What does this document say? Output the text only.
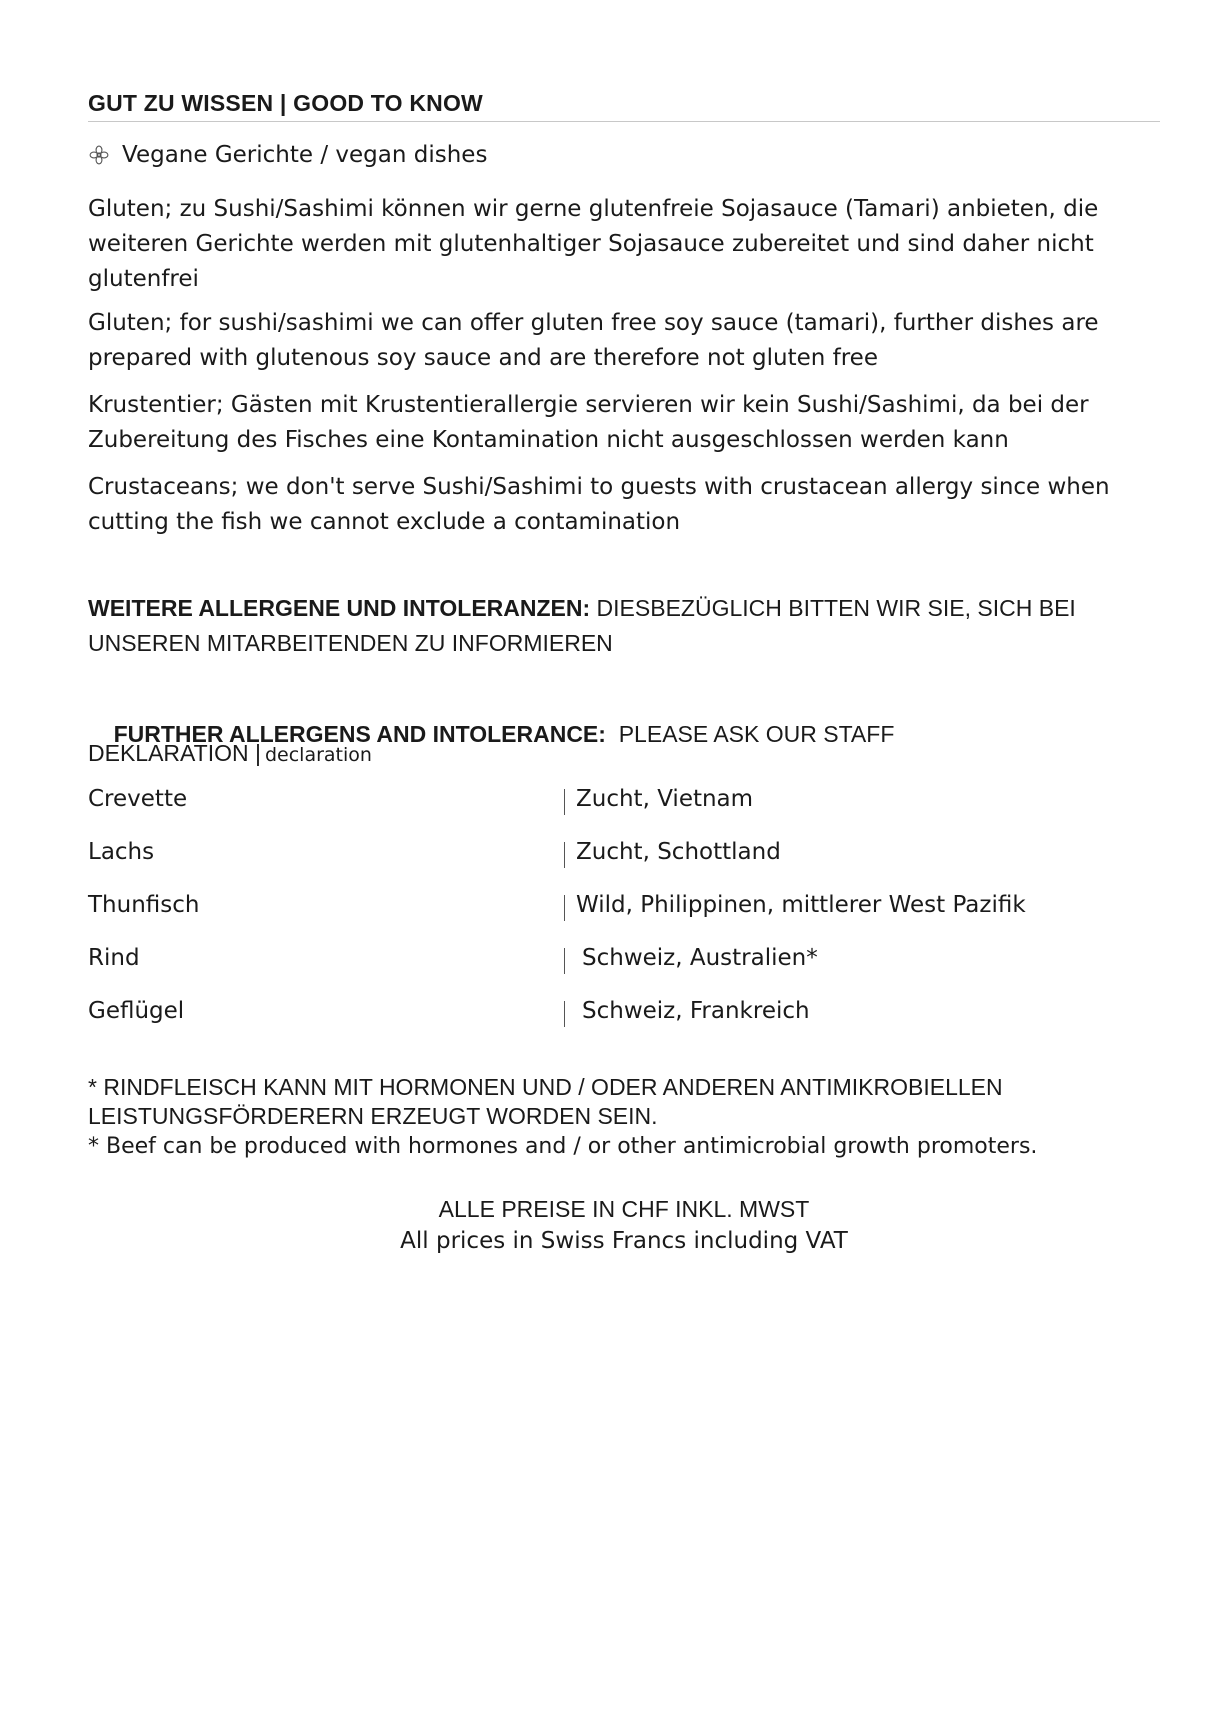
GUT ZU WISSEN | GOOD TO KNOW
Vegane Gerichte / vegan dishes
Gluten; zu Sushi/Sashimi können wir gerne glutenfreie Sojasauce (Tamari) anbieten, die weiteren Gerichte werden mit glutenhaltiger Sojasauce zubereitet und sind daher nicht glutenfrei
Gluten; for sushi/sashimi we can offer gluten free soy sauce (tamari), further dishes are prepared with glutenous soy sauce and are therefore not gluten free
Krustentier; Gästen mit Krustentierallergie servieren wir kein Sushi/Sashimi, da bei der Zubereitung des Fisches eine Kontamination nicht ausgeschlossen werden kann
Crustaceans; we don't serve Sushi/Sashimi to guests with crustacean allergy since when cutting the fish we cannot exclude a contamination
WEITERE ALLERGENE UND INTOLERANZEN: DIESBEZÜGLICH BITTEN WIR SIE, SICH BEI UNSEREN MITARBEITENDEN ZU INFORMIEREN

FURTHER ALLERGENS AND INTOLERANCE:  PLEASE ASK OUR STAFF

DEKLARATION | declaration
Crevette	Zucht, Vietnam
Lachs	Zucht, Schottland
Thunfisch	Wild, Philippinen, mittlerer West Pazifik
Rind	Schweiz, Australien*
Geflügel	Schweiz, Frankreich
* RINDFLEISCH KANN MIT HORMONEN UND / ODER ANDEREN ANTIMIKROBIELLEN LEISTUNGSFÖRDERERN ERZEUGT WORDEN SEIN.
* Beef can be produced with hormones and / or other antimicrobial growth promoters.
ALLE PREISE IN CHF INKL. MWST
All prices in Swiss Francs including VAT
